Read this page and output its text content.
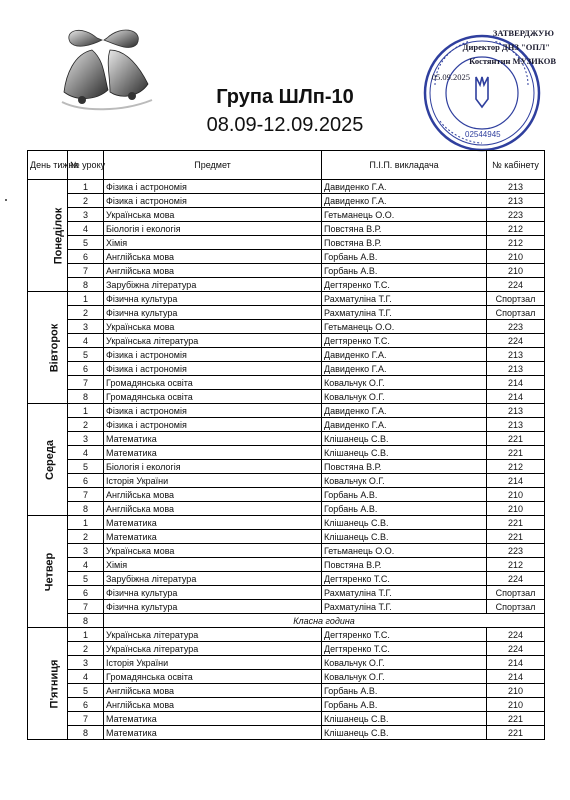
02544945
ЗАТВЕРДЖУЮ
Директор ДНЗ "ОПЛ"
Костянтин МУЗИКОВ
05.09.2025
Група ШЛп-10
08.09-12.09.2025
День тижня	№ уроку	Предмет	П.І.П. викладача	№ кабінету
Понеділок	1	Фізика і астрономія	Давиденко Г.А.	213
	2	Фізика і астрономія	Давиденко Г.А.	213
	3	Українська мова	Гетьманець О.О.	223
	4	Біологія і екологія	Повстяна В.Р.	212
	5	Хімія	Повстяна В.Р.	212
	6	Англійська мова	Горбань А.В.	210
	7	Англійська мова	Горбань А.В.	210
	8	Зарубіжна література	Дегтяренко Т.С.	224
Вівторок	1	Фізична культура	Рахматуліна Т.Г.	Спортзал
	2	Фізична культура	Рахматуліна Т.Г.	Спортзал
	3	Українська мова	Гетьманець О.О.	223
	4	Українська література	Дегтяренко Т.С.	224
	5	Фізика і астрономія	Давиденко Г.А.	213
	6	Фізика і астрономія	Давиденко Г.А.	213
	7	Громадянська освіта	Ковальчук О.Г.	214
	8	Громадянська освіта	Ковальчук О.Г.	214
Середа	1	Фізика і астрономія	Давиденко Г.А.	213
	2	Фізика і астрономія	Давиденко Г.А.	213
	3	Математика	Клішанець С.В.	221
	4	Математика	Клішанець С.В.	221
	5	Біологія і екологія	Повстяна В.Р.	212
	6	Історія України	Ковальчук О.Г.	214
	7	Англійська мова	Горбань А.В.	210
	8	Англійська мова	Горбань А.В.	210
Четвер	1	Математика	Клішанець С.В.	221
	2	Математика	Клішанець С.В.	221
	3	Українська мова	Гетьманець О.О.	223
	4	Хімія	Повстяна В.Р.	212
	5	Зарубіжна література	Дегтяренко Т.С.	224
	6	Фізична культура	Рахматуліна Т.Г.	Спортзал
	7	Фізична культура	Рахматуліна Т.Г.	Спортзал
	8	Класна година		
П'ятниця	1	Українська література	Дегтяренко Т.С.	224
	2	Українська література	Дегтяренко Т.С.	224
	3	Історія України	Ковальчук О.Г.	214
	4	Громадянська освіта	Ковальчук О.Г.	214
	5	Англійська мова	Горбань А.В.	210
	6	Англійська мова	Горбань А.В.	210
	7	Математика	Клішанець С.В.	221
	8	Математика	Клішанець С.В.	221
